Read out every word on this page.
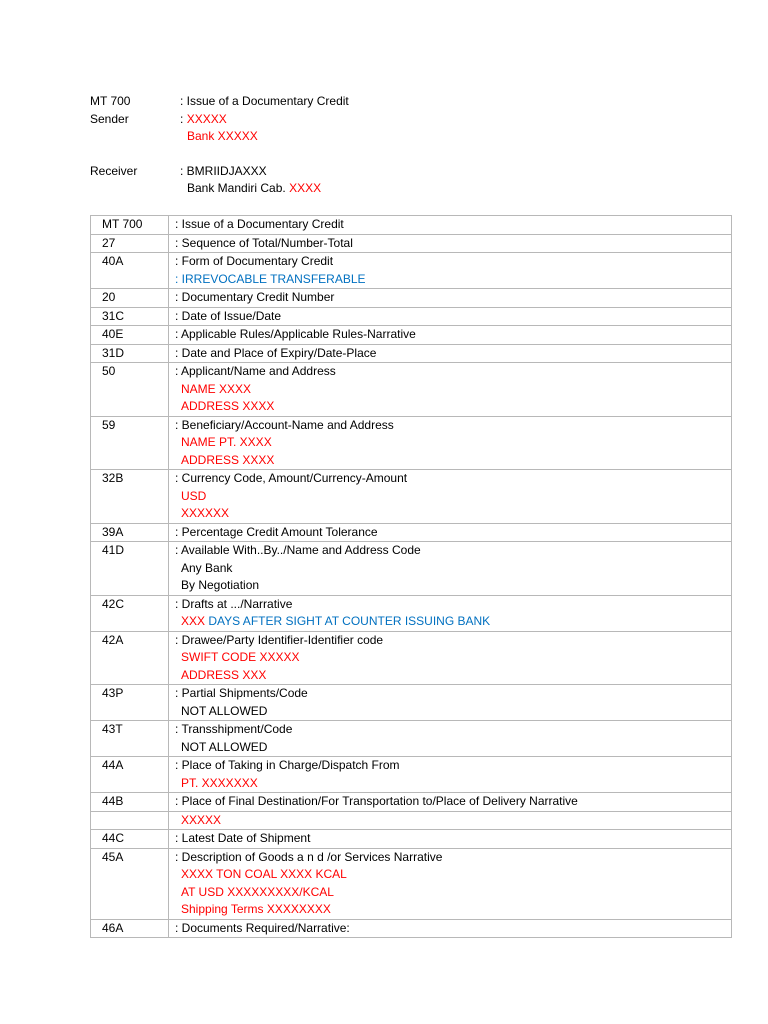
MT 700	: Issue of a Documentary Credit
Sender	: XXXXX
Bank XXXXX
Receiver	: BMRIIDJAXXX
Bank Mandiri Cab. XXXX
MT 700	: Issue of a Documentary Credit

27	: Sequence of Total/Number-Total

40A	: Form of Documentary Credit
: IRREVOCABLE TRANSFERABLE

20	: Documentary Credit Number

31C	: Date of Issue/Date

40E	: Applicable Rules/Applicable Rules-Narrative

31D	: Date and Place of Expiry/Date-Place

50	: Applicant/Name and Address
NAME XXXX
ADDRESS XXXX

59	: Beneficiary/Account-Name and Address
NAME PT. XXXX
ADDRESS XXXX

32B	: Currency Code, Amount/Currency-Amount
USD
XXXXXX

39A	: Percentage Credit Amount Tolerance

41D	: Available With..By../Name and Address Code
Any Bank
By Negotiation

42C	: Drafts at .../Narrative
XXX DAYS AFTER SIGHT AT COUNTER ISSUING BANK

42A	: Drawee/Party Identifier-Identifier code
SWIFT CODE XXXXX
ADDRESS XXX

43P	: Partial Shipments/Code
NOT ALLOWED

43T	: Transshipment/Code
NOT ALLOWED

44A	: Place of Taking in Charge/Dispatch From
PT. XXXXXXX

44B	: Place of Final Destination/For Transportation to/Place of Delivery Narrative

	XXXXX

44C	: Latest Date of Shipment

45A	: Description of Goods a n d /or Services Narrative
XXXX TON COAL XXXX KCAL
AT USD XXXXXXXXX/KCAL
Shipping Terms XXXXXXXX

46A	: Documents Required/Narrative:
